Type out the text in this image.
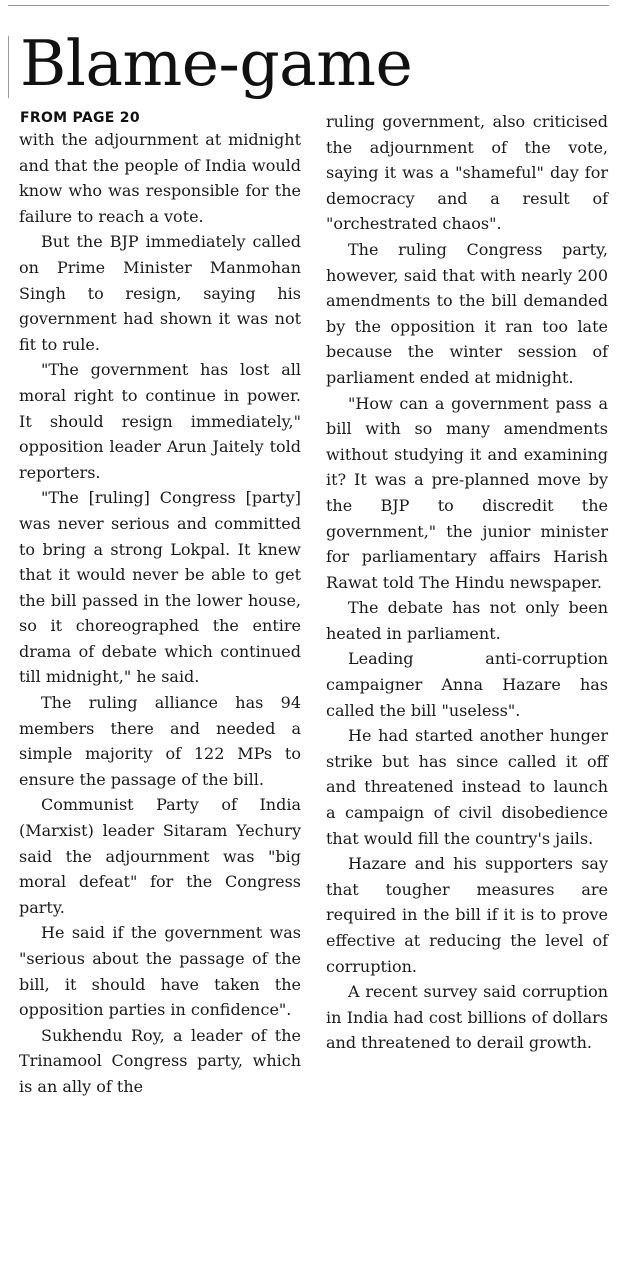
Blame-game
FROM PAGE 20

with the adjournment at midnight and that the people of India would know who was responsible for the failure to reach a vote.

But the BJP immediately called on Prime Minister Manmohan Singh to resign, saying his government had shown it was not fit to rule.

"The government has lost all moral right to continue in power. It should resign immediately," opposition leader Arun Jaitely told reporters.

"The [ruling] Congress [party] was never serious and committed to bring a strong Lokpal. It knew that it would never be able to get the bill passed in the lower house, so it choreographed the entire drama of debate which continued till midnight," he said.

The ruling alliance has 94 members there and needed a simple majority of 122 MPs to ensure the passage of the bill.

Communist Party of India (Marxist) leader Sitaram Yechury said the adjournment was "big moral defeat" for the Congress party.

He said if the government was "serious about the passage of the bill, it should have taken the opposition parties in confidence".

Sukhendu Roy, a leader of the Trinamool Congress party, which is an ally of the

ruling government, also criticised the adjournment of the vote, saying it was a "shameful" day for democracy and a result of "orchestrated chaos".

The ruling Congress party, however, said that with nearly 200 amendments to the bill demanded by the opposition it ran too late because the winter session of parliament ended at midnight.

"How can a government pass a bill with so many amendments without studying it and examining it? It was a pre-planned move by the BJP to discredit the government," the junior minister for parliamentary affairs Harish Rawat told The Hindu newspaper.

The debate has not only been heated in parliament.

Leading anti-corruption campaigner Anna Hazare has called the bill "useless".

He had started another hunger strike but has since called it off and threatened instead to launch a campaign of civil disobedience that would fill the country's jails.

Hazare and his supporters say that tougher measures are required in the bill if it is to prove effective at reducing the level of corruption.

A recent survey said corruption in India had cost billions of dollars and threatened to derail growth.
